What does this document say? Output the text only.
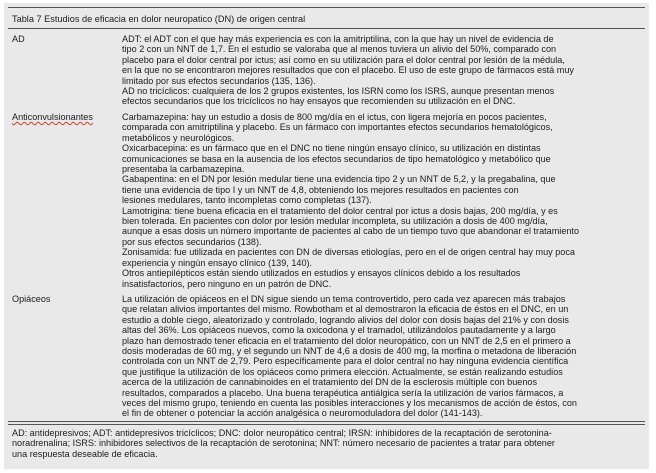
Tabla 7 Estudios de eficacia en dolor neuropatico (DN) de origen central
AD	ADT: el ADT con el que hay más experiencia es con la amitriptilina, con la que hay un nivel de evidencia de

tipo 2 con un NNT de 1,7. En el estudio se valoraba que al menos tuviera un alivio del 50%, comparado con

placebo para el dolor central por ictus; así como en su utilización para el dolor central por lesión de la médula,

en la que no se encontraron mejores resultados que con el placebo. El uso de este grupo de fármacos está muy

limitado por sus efectos secundarios (135, 136).

AD no tricíclicos: cualquiera de los 2 grupos existentes, los ISRN como los ISRS, aunque presentan menos

efectos secundarios que los tricíclicos no hay ensayos que recomienden su utilización en el DNC.

Anticonvulsionantes	Carbamazepina: hay un estudio a dosis de 800 mg/día en el ictus, con ligera mejoría en pocos pacientes,

comparada con amitriptilina y placebo. Es un fármaco con importantes efectos secundarios hematológicos,

metabólicos y neurológicos.

Oxicarbacepina: es un fármaco que en el DNC no tiene ningún ensayo clínico, su utilización en distintas

comunicaciones se basa en la ausencia de los efectos secundarios de tipo hematológico y metabólico que

presentaba la carbamazepina.

Gabapentina: en el DN por lesión medular tiene una evidencia tipo 2 y un NNT de 5,2, y la pregabalina, que

tiene una evidencia de tipo I y un NNT de 4,8, obteniendo los mejores resultados en pacientes con

lesiones medulares, tanto incompletas como completas (137).

Lamotrigina: tiene buena eficacia en el tratamiento del dolor central por ictus a dosis bajas, 200 mg/día, y es

bien tolerada. En pacientes con dolor por lesión medular incompleta, su utilización a dosis de 400 mg/día,

aunque a esas dosis un número importante de pacientes al cabo de un tiempo tuvo que abandonar el tratamiento

por sus efectos secundarios (138).

Zonisamida: fue utilizada en pacientes con DN de diversas etiologías, pero en el de origen central hay muy poca

experiencia y ningún ensayo clínico (139, 140).

Otros antiepilépticos están siendo utilizados en estudios y ensayos clínicos debido a los resultados

insatisfactorios, pero ninguno en un patrón de DNC.

Opiáceos	La utilización de opiáceos en el DN sigue siendo un tema controvertido, pero cada vez aparecen más trabajos

que relatan alivios importantes del mismo. Rowbotham et al demostraron la eficacia de éstos en el DNC, en un

estudio a doble ciego, aleatorizado y controlado, logrando alivios del dolor con dosis bajas del 21% y con dosis

altas del 36%. Los opiáceos nuevos, como la oxicodona y el tramadol, utilizándolos pautadamente y a largo

plazo han demostrado tener eficacia en el tratamiento del dolor neuropático, con un NNT de 2,5 en el primero a

dosis moderadas de 60 mg, y el segundo un NNT de 4,6 a dosis de 400 mg, la morfina o metadona de liberación

controlada con un NNT de 2,79. Pero específicamente para el dolor central no hay ninguna evidencia científica

que justifique la utilización de los opiáceos como primera elección. Actualmente, se están realizando estudios

acerca de la utilización de cannabinoides en el tratamiento del DN de la esclerosis múltiple con buenos

resultados, comparados a placebo. Una buena terapéutica antiálgica sería la utilización de varios fármacos, a

veces del mismo grupo, teniendo en cuenta las posibles interacciones y los mecanismos de acción de éstos, con

el fin de obtener o potenciar la acción analgésica o neuromoduladora del dolor (141-143).

AD: antidepresivos; ADT: antidepresivos tricíclicos; DNC: dolor neuropático central; IRSN: inhibidores de la recaptación de serotonina-

noradrenalina; ISRS: inhibidores selectivos de la recaptación de serotonina; NNT: número necesario de pacientes a tratar para obtener

una respuesta deseable de eficacia.
